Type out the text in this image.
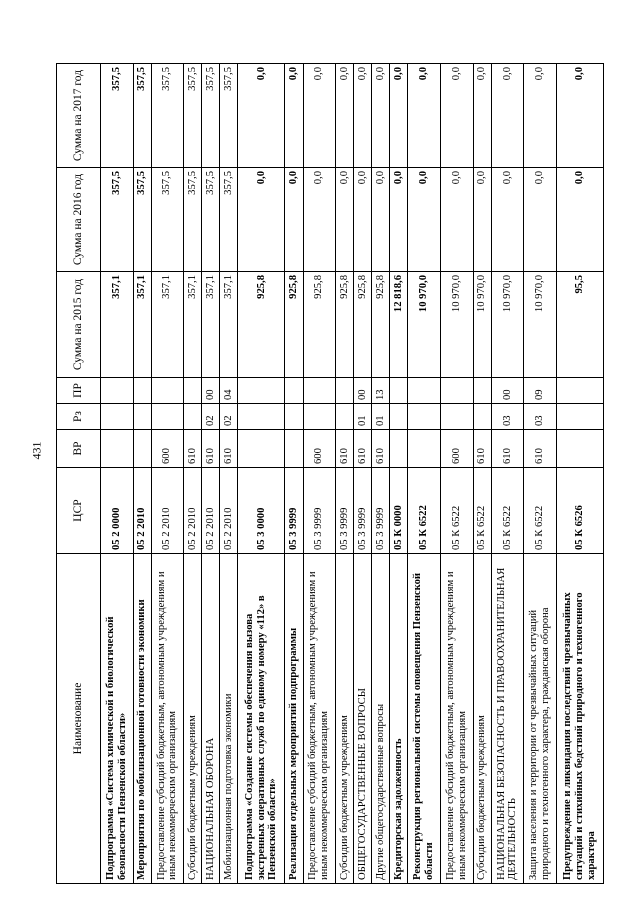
431
Наименование	ЦСР	ВР	Рз	ПР	Сумма на 2015 год	Сумма на 2016 год	Сумма на 2017 год
Подпрограмма «Система химической и биологической безопасности Пензенской области»	05 2 0000				357,1	357,5	357,5
Мероприятия по мобилизационной готовности экономики	05 2 2010				357,1	357,5	357,5
Предоставление субсидий бюджетным, автономным учреждениям и иным некоммерческим организациям	05 2 2010	600			357,1	357,5	357,5
Субсидии бюджетным учреждениям	05 2 2010	610			357,1	357,5	357,5
НАЦИОНАЛЬНАЯ ОБОРОНА	05 2 2010	610	02	00	357,1	357,5	357,5
Мобилизационная подготовка экономики	05 2 2010	610	02	04	357,1	357,5	357,5
Подпрограмма «Создание системы обеспечения вызова экстренных оперативных служб по единому номеру «112» в Пензенской области»	05 3 0000				925,8	0,0	0,0
Реализация отдельных мероприятий подпрограммы	05 3 9999				925,8	0,0	0,0
Предоставление субсидий бюджетным, автономным учреждениям и иным некоммерческим организациям	05 3 9999	600			925,8	0,0	0,0
Субсидии бюджетным учреждениям	05 3 9999	610			925,8	0,0	0,0
ОБЩЕГОСУДАРСТВЕННЫЕ ВОПРОСЫ	05 3 9999	610	01	00	925,8	0,0	0,0
Другие общегосударственные вопросы	05 3 9999	610	01	13	925,8	0,0	0,0
Кредиторская задолженность	05 К 0000				12 818,6	0,0	0,0
Реконструкция региональной системы оповещения Пензенской области	05 К 6522				10 970,0	0,0	0,0
Предоставление субсидий бюджетным, автономным учреждениям и иным некоммерческим организациям	05 К 6522	600			10 970,0	0,0	0,0
Субсидии бюджетным учреждениям	05 К 6522	610			10 970,0	0,0	0,0
НАЦИОНАЛЬНАЯ БЕЗОПАСНОСТЬ И ПРАВООХРАНИТЕЛЬНАЯ ДЕЯТЕЛЬНОСТЬ	05 К 6522	610	03	00	10 970,0	0,0	0,0
Защита населения и территории от чрезвычайных ситуаций природного и техногенного характера, гражданская оборона	05 К 6522	610	03	09	10 970,0	0,0	0,0
Предупреждение и ликвидация последствий чрезвычайных ситуаций и стихийных бедствий природного и техногенного характера	05 К 6526				95,5	0,0	0,0
